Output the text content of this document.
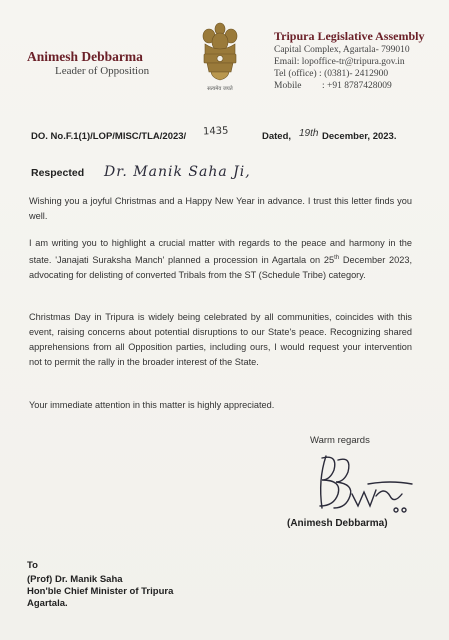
Animesh Debbarma
Leader of Opposition
सत्यमेव जयते
Tripura Legislative Assembly
Capital Complex, Agartala- 799010
Email: lopoffice-tr@tripura.gov.in
Tel (office) : (0381)- 2412900
Mobile : +91 8787428009
DO. No.F.1(1)/LOP/MISC/TLA/2023/ 1435	Dated, 19th December, 2023.
Respected Dr. Manik Saha Ji,

Wishing you a joyful Christmas and a Happy New Year in advance. I trust this letter finds you well.

I am writing you to highlight a crucial matter with regards to the peace and harmony in the state. 'Janajati Suraksha Manch' planned a procession in Agartala on 25th December 2023, advocating for delisting of converted Tribals from the ST (Schedule Tribe) category.

Christmas Day in Tripura is widely being celebrated by all communities, coincides with this event, raising concerns about potential disruptions to our State's peace. Recognizing shared apprehensions from all Opposition parties, including ours, I would request your intervention not to permit the rally in the broader interest of the State.

Your immediate attention in this matter is highly appreciated.

Warm regards
(Animesh Debbarma)
To
(Prof) Dr. Manik Saha
Hon'ble Chief Minister of Tripura
Agartala.
